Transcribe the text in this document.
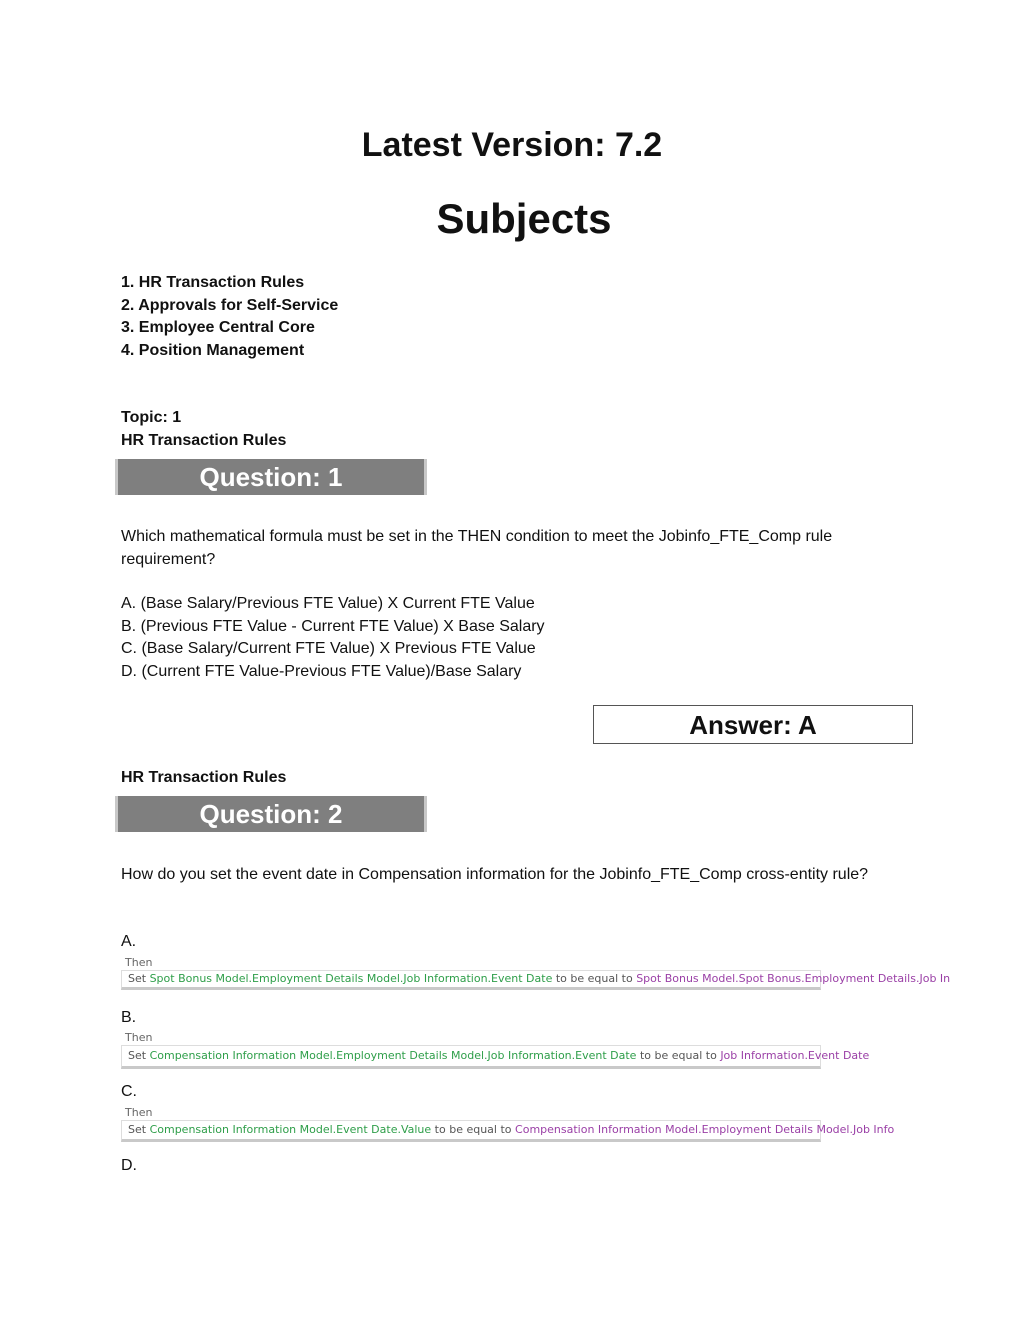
Latest Version: 7.2
Subjects
1. HR Transaction Rules
2. Approvals for Self-Service
3. Employee Central Core
4. Position Management
Topic: 1
HR Transaction Rules
Question: 1
Which mathematical formula must be set in the THEN condition to meet the Jobinfo_FTE_Comp rule requirement?
A. (Base Salary/Previous FTE Value) X Current FTE Value
B. (Previous FTE Value - Current FTE Value) X Base Salary
C. (Base Salary/Current FTE Value) X Previous FTE Value
D. (Current FTE Value-Previous FTE Value)/Base Salary
Answer: A
HR Transaction Rules
Question: 2
How do you set the event date in Compensation information for the Jobinfo_FTE_Comp cross-entity rule?
A.
Then
Set Spot Bonus Model.Employment Details Model.Job Information.Event Date to be equal to Spot Bonus Model.Spot Bonus.Employment Details.Job In
B.
Then
Set Compensation Information Model.Employment Details Model.Job Information.Event Date to be equal to Job Information.Event Date
C.
Then
Set Compensation Information Model.Event Date.Value to be equal to Compensation Information Model.Employment Details Model.Job Info
D.
